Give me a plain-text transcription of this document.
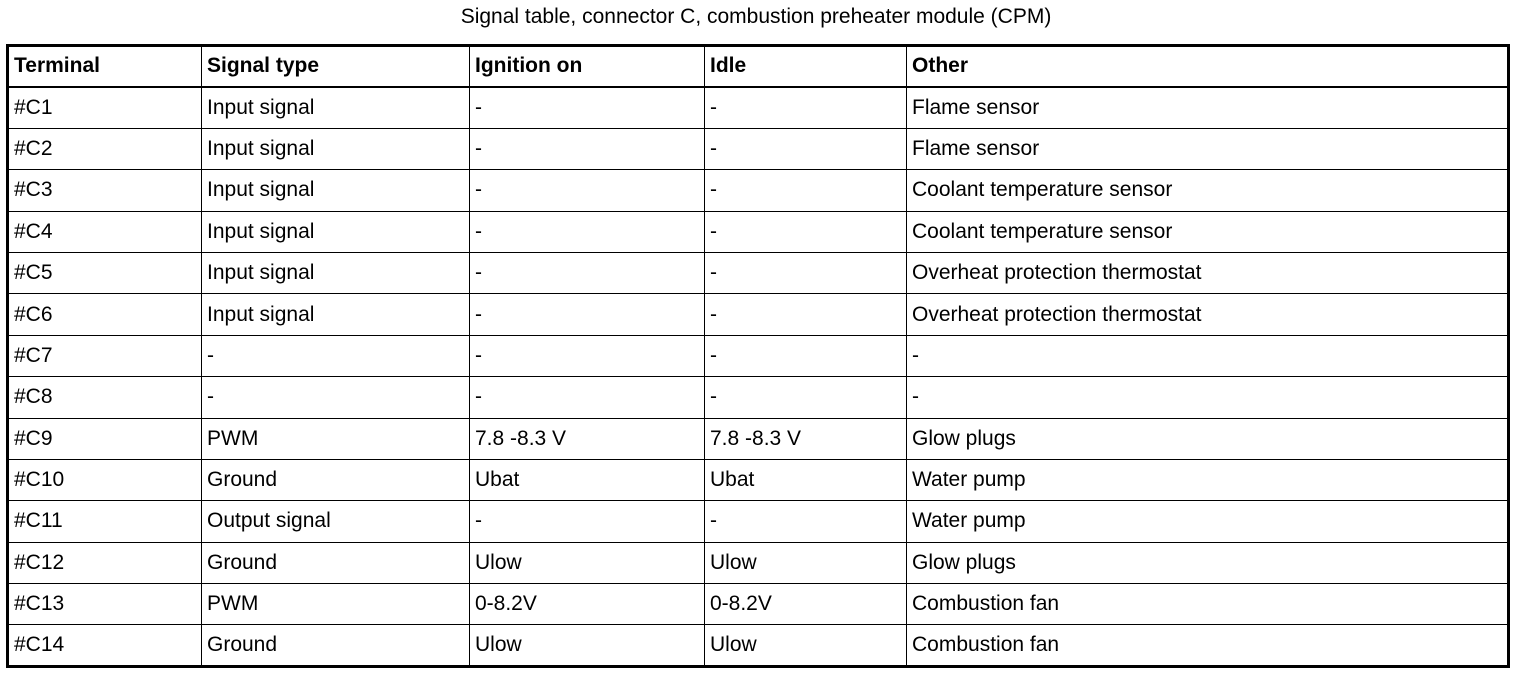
Signal table, connector C, combustion preheater module (CPM)
Terminal	Signal type	Ignition on	Idle	Other
#C1	Input signal	-	-	Flame sensor
#C2	Input signal	-	-	Flame sensor
#C3	Input signal	-	-	Coolant temperature sensor
#C4	Input signal	-	-	Coolant temperature sensor
#C5	Input signal	-	-	Overheat protection thermostat
#C6	Input signal	-	-	Overheat protection thermostat
#C7	-	-	-	-
#C8	-	-	-	-
#C9	PWM	7.8 -8.3 V	7.8 -8.3 V	Glow plugs
#C10	Ground	Ubat	Ubat	Water pump
#C11	Output signal	-	-	Water pump
#C12	Ground	Ulow	Ulow	Glow plugs
#C13	PWM	0-8.2V	0-8.2V	Combustion fan
#C14	Ground	Ulow	Ulow	Combustion fan
